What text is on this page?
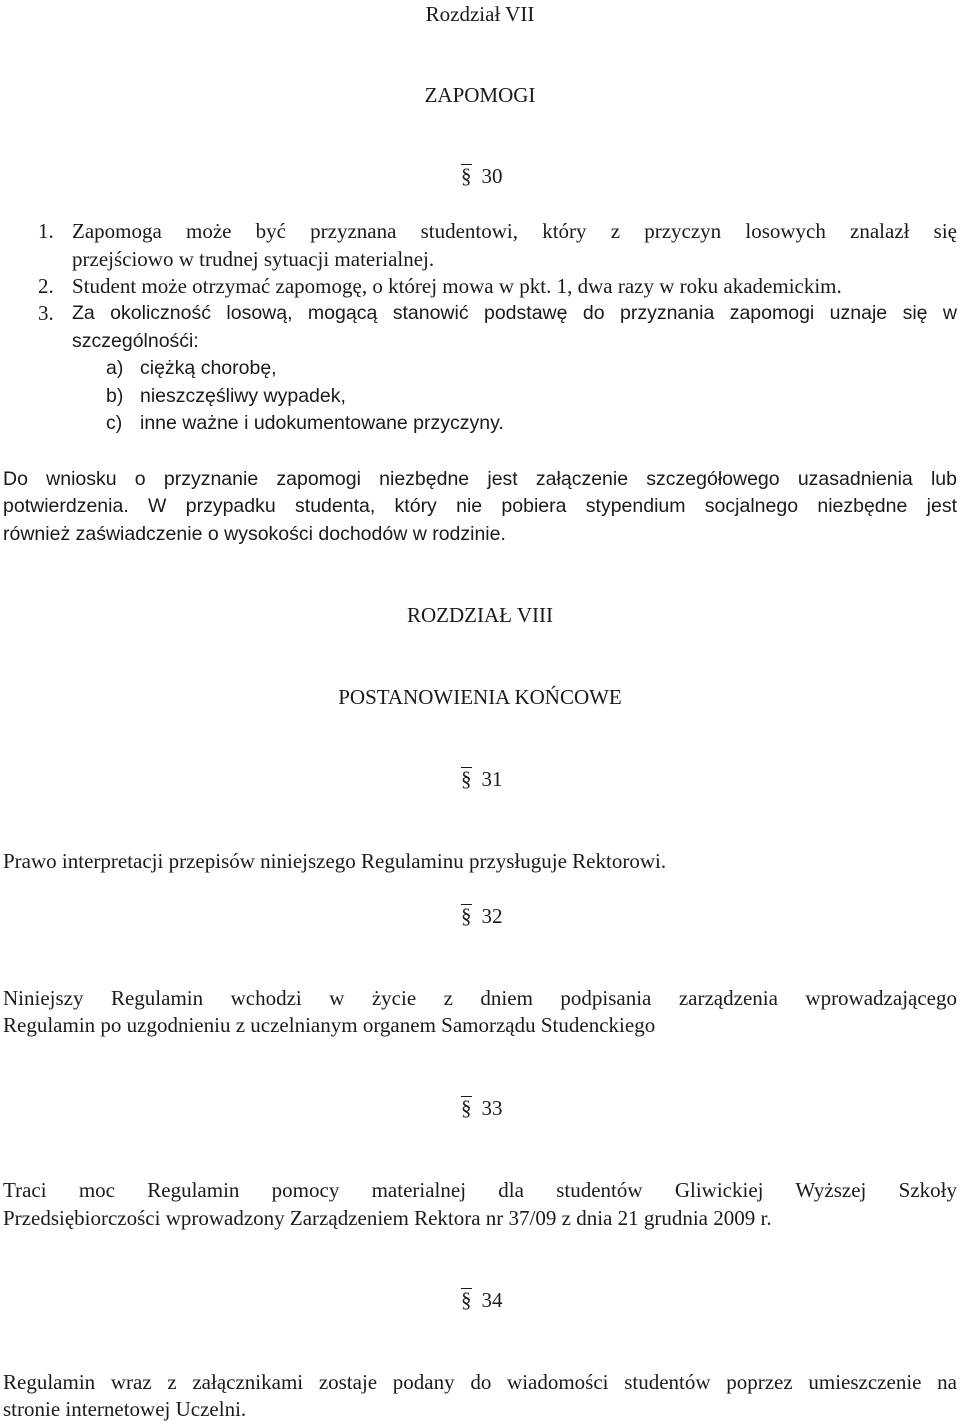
Rozdział VII

ZAPOMOGI

§ 30

1. Zapomoga może być przyznana studentowi, który z przyczyn losowych znalazł się

przejściowo w trudnej sytuacji materialnej.

2. Student może otrzymać zapomogę, o której mowa w pkt. 1, dwa razy w roku akademickim.

3. Za okoliczność losową, mogącą stanowić podstawę do przyznania zapomogi uznaje się w

szczególnośći:

a) ciężką chorobę,

b) nieszczęśliwy wypadek,

c) inne ważne i udokumentowane przyczyny.

Do wniosku o przyznanie zapomogi niezbędne jest załączenie szczegółowego uzasadnienia lub

potwierdzenia. W przypadku studenta, który nie pobiera stypendium socjalnego niezbędne jest

również zaświadczenie o wysokości dochodów w rodzinie.

ROZDZIAŁ VIII

POSTANOWIENIA KOŃCOWE

§ 31

Prawo interpretacji przepisów niniejszego Regulaminu przysługuje Rektorowi.

§ 32

Niniejszy Regulamin wchodzi w życie z dniem podpisania zarządzenia wprowadzającego

Regulamin po uzgodnieniu z uczelnianym organem Samorządu Studenckiego

§ 33

Traci moc Regulamin pomocy materialnej dla studentów Gliwickiej Wyższej Szkoły

Przedsiębiorczości wprowadzony Zarządzeniem Rektora nr 37/09 z dnia 21 grudnia 2009 r.

§ 34

Regulamin wraz z załącznikami zostaje podany do wiadomości studentów poprzez umieszczenie na

stronie internetowej Uczelni.
